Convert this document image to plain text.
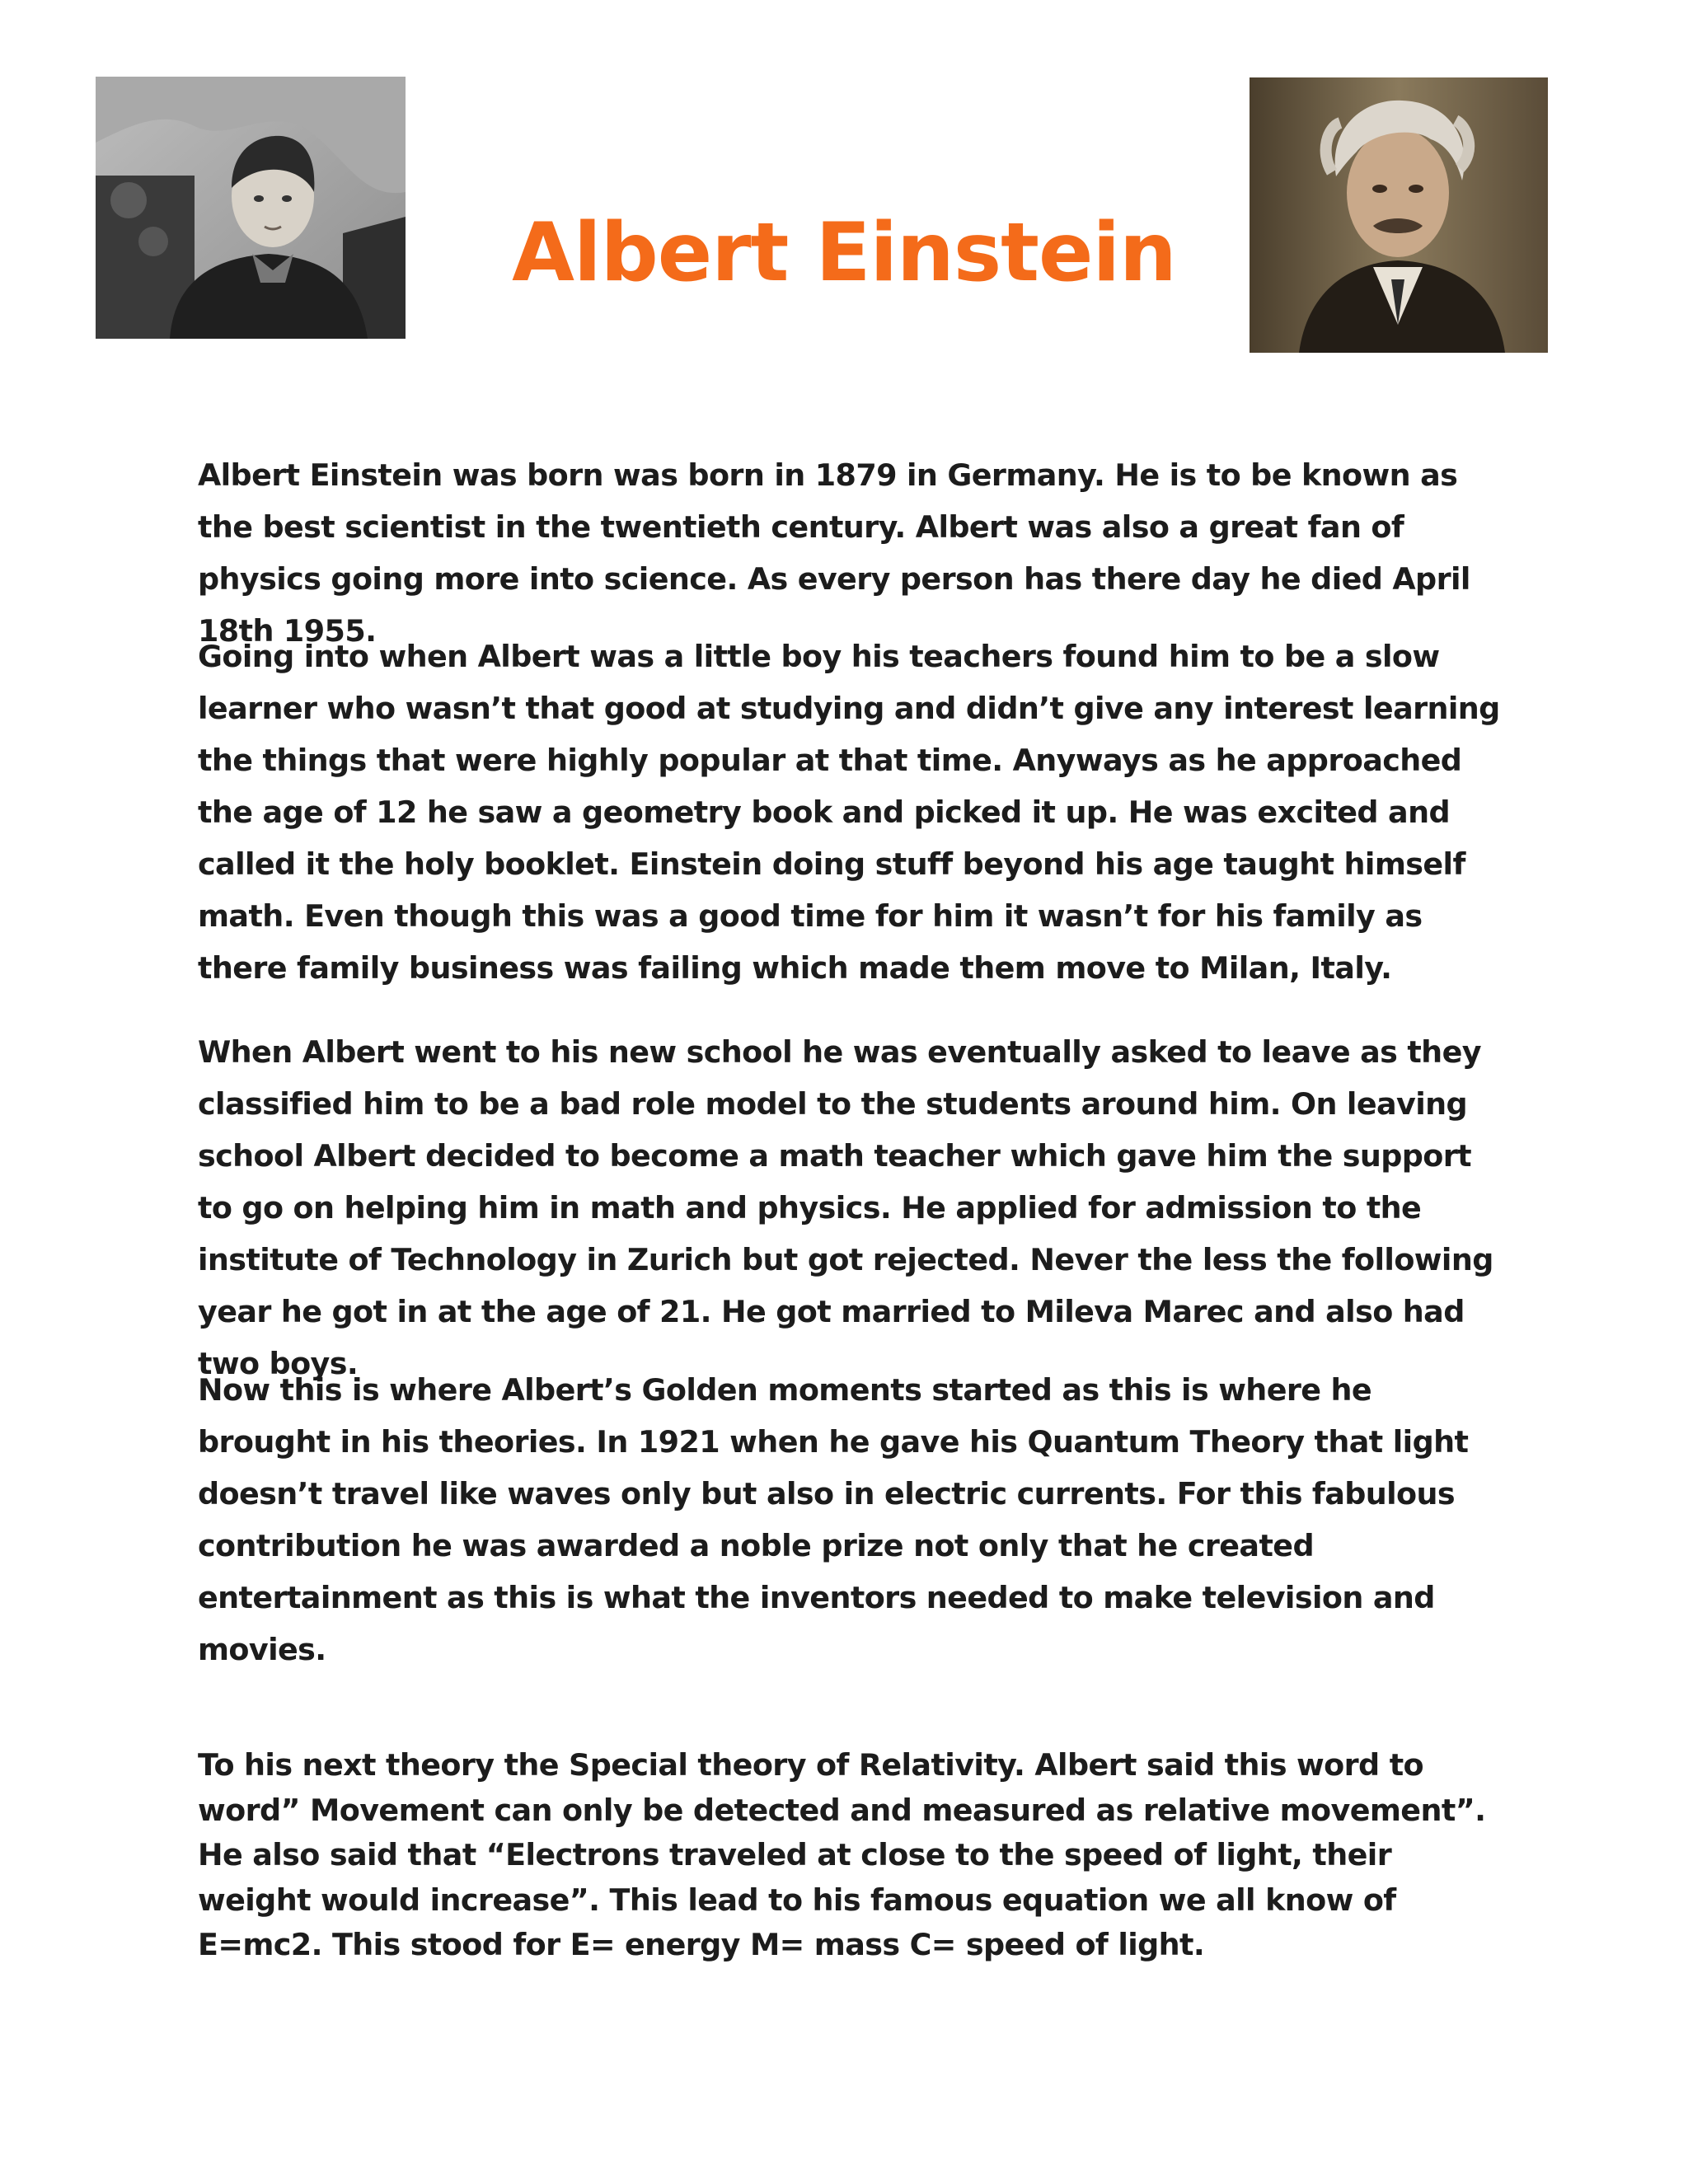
Albert Einstein

Albert Einstein was born was born in 1879 in Germany. He is to be known as the best scientist in the twentieth century. Albert was also a great fan of physics going more into science. As every person has there day he died April 18th 1955.

Going into when Albert was a little boy his teachers found him to be a slow learner who wasn’t that good at studying and didn’t give any interest learning the things that were highly popular at that time. Anyways as he approached the age of 12 he saw a geometry book and picked it up. He was excited and called it the holy booklet. Einstein doing stuff beyond his age taught himself math. Even though this was a good time for him it wasn’t for his family as there family business was failing which made them move to Milan, Italy.

When Albert went to his new school he was eventually asked to leave as they classified him to be a bad role model to the students around him. On leaving school Albert decided to become a math teacher which gave him the support to go on helping him in math and physics. He applied for admission to the institute of Technology in Zurich but got rejected. Never the less the following year he got in at the age of 21. He got married to Mileva Marec and also had two boys.

Now this is where Albert’s Golden moments started as this is where he brought in his theories. In 1921 when he gave his Quantum Theory that light doesn’t travel like waves only but also in electric currents. For this fabulous contribution he was awarded a noble prize not only that he created entertainment as this is what the inventors needed to make television and movies.

To his next theory the Special theory of Relativity. Albert said this word to word” Movement can only be detected and measured as relative movement”. He also said that “Electrons traveled at close to the speed of light, their weight would increase”. This lead to his famous equation we all know of E=mc2. This stood for E= energy M= mass C= speed of light.
